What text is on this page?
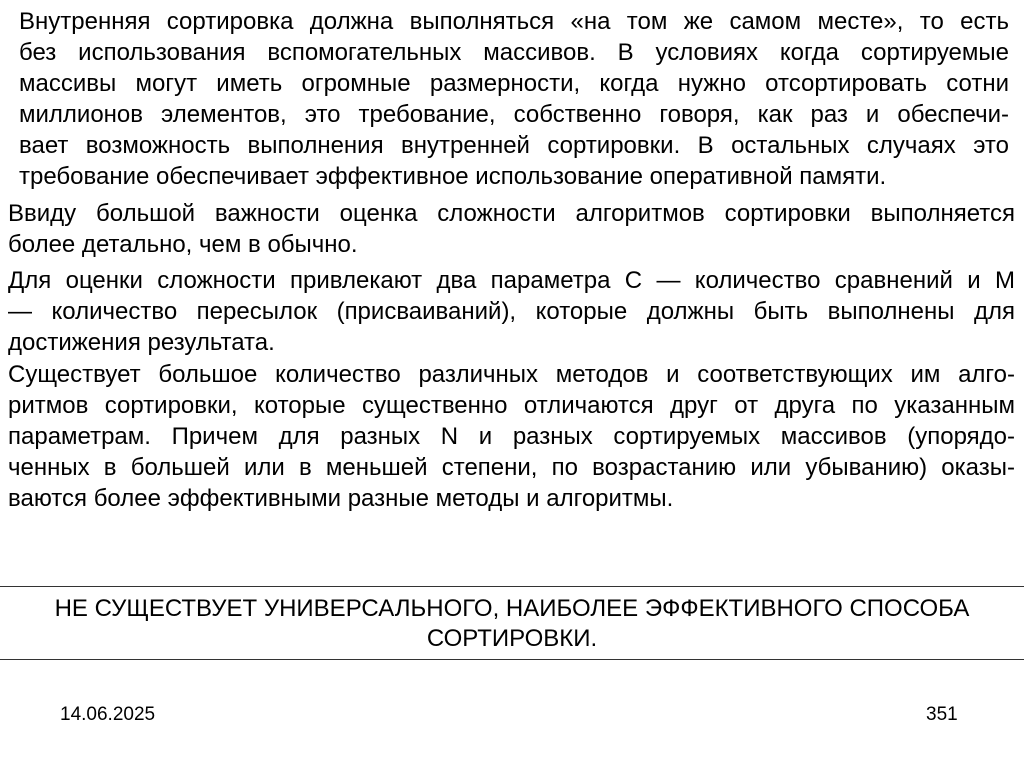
Внутренняя сортировка должна выполняться «на том же самом месте», то есть
без использования вспомогательных массивов. В условиях когда сортируемые
массивы могут иметь огромные размерности, когда нужно отсортировать сотни
миллионов элементов, это требование, собственно говоря, как раз и обеспечи-
вает возможность выполнения внутренней сортировки. В остальных случаях это
требование обеспечивает эффективное использование оперативной памяти.
Ввиду большой важности оценка сложности алгоритмов сортировки выполняется
более детально, чем в обычно.
Для оценки сложности привлекают два параметра С — количество сравнений и М
— количество пересылок (присваиваний), которые должны быть выполнены для
достижения результата.
Существует большое количество различных методов и соответствующих им алго-
ритмов сортировки, которые существенно отличаются друг от друга по указанным
параметрам. Причем для разных N и разных сортируемых массивов (упорядо-
ченных в большей или в меньшей степени, по возрастанию или убыванию) оказы-
ваются более эффективными разные методы и алгоритмы.
НЕ СУЩЕСТВУЕТ УНИВЕРСАЛЬНОГО, НАИБОЛЕЕ ЭФФЕКТИВНОГО СПОСОБА
СОРТИРОВКИ.
14.06.2025	351
